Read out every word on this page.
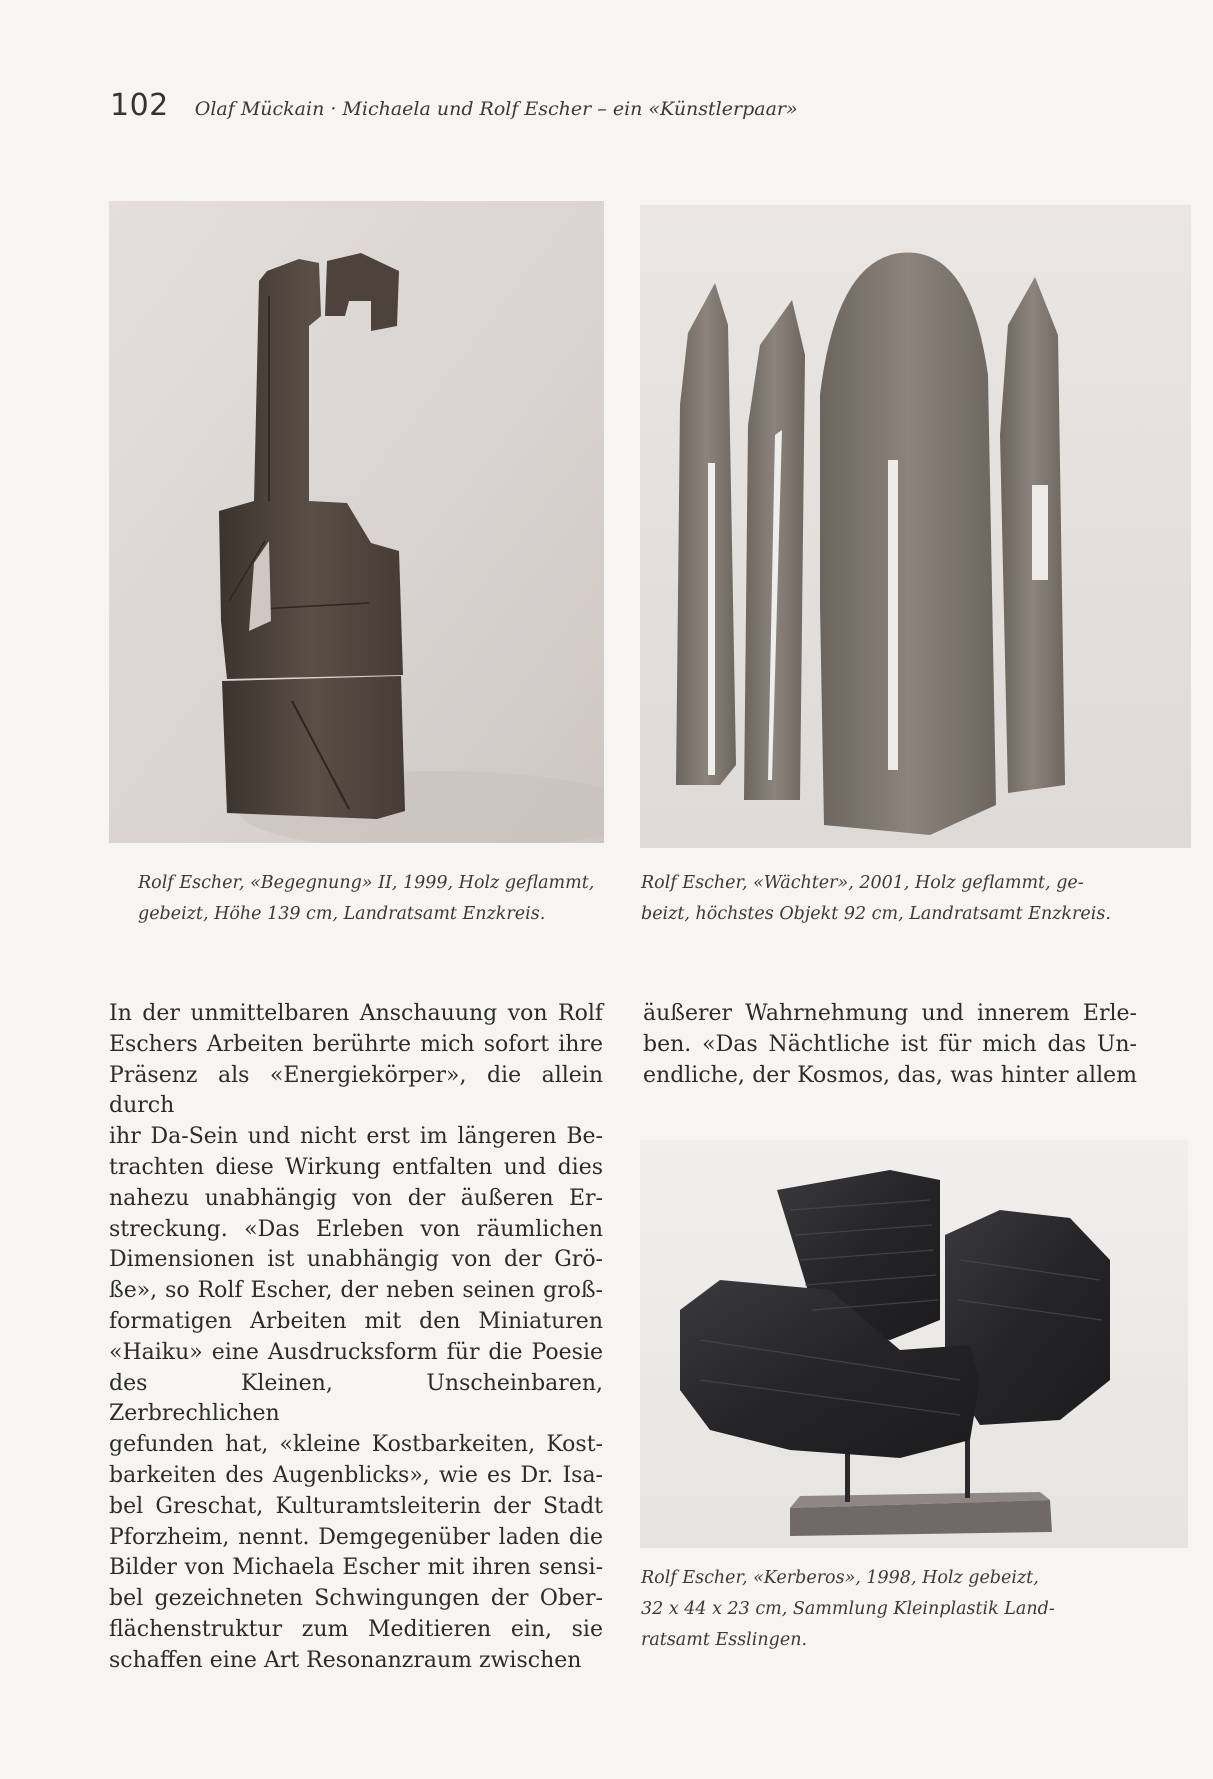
102 Olaf Mückain · Michaela und Rolf Escher – ein «Künstlerpaar»

Rolf Escher, «Begegnung» II, 1999, Holz geflammt,

gebeizt, Höhe 139 cm, Landratsamt Enzkreis.

Rolf Escher, «Wächter», 2001, Holz geflammt, ge-

beizt, höchstes Objekt 92 cm, Landratsamt Enzkreis.

In der unmittelbaren Anschauung von Rolf

Eschers Arbeiten berührte mich sofort ihre

Präsenz als «Energiekörper», die allein durch

ihr Da-Sein und nicht erst im längeren Be-

trachten diese Wirkung entfalten und dies

nahezu unabhängig von der äußeren Er-

streckung. «Das Erleben von räumlichen

Dimensionen ist unabhängig von der Grö-

ße», so Rolf Escher, der neben seinen groß-

formatigen Arbeiten mit den Miniaturen

«Haiku» eine Ausdrucksform für die Poesie

des Kleinen, Unscheinbaren, Zerbrechlichen

gefunden hat, «kleine Kostbarkeiten, Kost-

barkeiten des Augenblicks», wie es Dr. Isa-

bel Greschat, Kulturamtsleiterin der Stadt

Pforzheim, nennt. Demgegenüber laden die

Bilder von Michaela Escher mit ihren sensi-

bel gezeichneten Schwingungen der Ober-

flächenstruktur zum Meditieren ein, sie

schaffen eine Art Resonanzraum zwischen

äußerer Wahrnehmung und innerem Erle-

ben. «Das Nächtliche ist für mich das Un-

endliche, der Kosmos, das, was hinter allem

Rolf Escher, «Kerberos», 1998, Holz gebeizt,

32 x 44 x 23 cm, Sammlung Kleinplastik Land-

ratsamt Esslingen.
